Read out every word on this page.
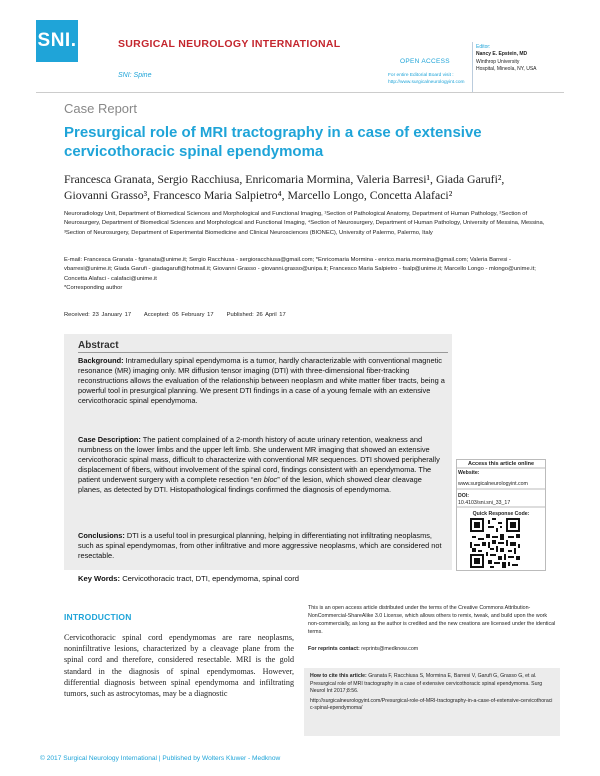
SNI.	SURGICAL NEUROLOGY INTERNATIONAL
SNI: Spine
OPEN ACCESS
For entire Editorial Board visit :
http://www.surgicalneurologyint.com
Editor:
Nancy E. Epstein, MD
Winthrop University
Hospital, Mineola, NY, USA
Case Report
Presurgical role of MRI tractography in a case of extensive cervicothoracic spinal ependymoma
Francesca Granata, Sergio Racchiusa, Enricomaria Mormina, Valeria Barresi¹, Giada Garufi²,
Giovanni Grasso³, Francesco Maria Salpietro⁴, Marcello Longo, Concetta Alafaci²
Neuroradiology Unit, Department of Biomedical Sciences and Morphological and Functional Imaging, ¹Section of Pathological Anatomy, Department of Human Pathology, ²Section of Neurosurgery, Department of Biomedical Sciences and Morphological and Functional Imaging, ⁴Section of Neurosurgery, Department of Human Pathology, University of Messina, Messina, ³Section of Neurosurgery, Department of Experimental Biomedicine and Clinical Neurosciences (BIONEC), University of Palermo, Palermo, Italy
E-mail: Francesca Granata - fgranata@unime.it; Sergio Racchiusa - sergioracchiusa@gmail.com; *Enricomaria Mormina - enrico.maria.mormina@gmail.com; Valeria Barresi - vbarresi@unime.it; Giada Garufi - giadagarufi@hotmail.it; Giovanni Grasso - giovanni.grasso@unipa.it; Francesco Maria Salpietro - fsalp@unime.it; Marcello Longo - mlongo@unime.it; Concetta Alafaci - calafaci@unime.it
*Corresponding author
Received: 23 January 17 Accepted: 05 February 17 Published: 26 April 17
Abstract
Background: Intramedullary spinal ependymoma is a tumor, hardly characterizable with conventional magnetic resonance (MR) imaging only. MR diffusion tensor imaging (DTI) with three-dimensional fiber-tracking reconstructions allows the evaluation of the relationship between neoplasm and white matter fiber tracts, being a powerful tool in presurgical planning. We present DTI findings in a case of a young female with an extensive cervicothoracic spinal ependymoma.
Case Description: The patient complained of a 2-month history of acute urinary retention, weakness and numbness on the lower limbs and the upper left limb. She underwent MR imaging that showed an extensive cervicothoracic spinal mass, difficult to characterize with conventional MR sequences. DTI showed peripherally displacement of fibers, without involvement of the spinal cord, findings consistent with an ependymoma. The patient underwent surgery with a complete resection “en bloc” of the lesion, which showed clear cleavage planes, as detected by DTI. Histopathological findings confirmed the diagnosis of ependymoma.
Conclusions: DTI is a useful tool in presurgical planning, helping in differentiating not infiltrating neoplasms, such as spinal ependymomas, from other infiltrative and more aggressive neoplasms, which are considered not resectable.
Key Words: Cervicothoracic tract, DTI, ependymoma, spinal cord
Access this article online
Website:
www.surgicalneurologyint.com
DOI:
10.4103/sni.sni_33_17
Quick Response Code:
INTRODUCTION
Cervicothoracic spinal cord ependymomas are rare neoplasms, noninfiltrative lesions, characterized by a cleavage plane from the spinal cord and therefore, considered resectable. MRI is the gold standard in the diagnosis of spinal ependymomas. However, differential diagnosis between spinal ependymoma and infiltrating tumors, such as astrocytomas, may be a diagnostic
This is an open access article distributed under the terms of the Creative Commons Attribution-NonCommercial-ShareAlike 3.0 License, which allows others to remix, tweak, and build upon the work non-commercially, as long as the author is credited and the new creations are licensed under the identical terms.
For reprints contact: reprints@medknow.com
How to cite this article: Granata F, Racchiusa S, Mormina E, Barresi V, Garufi G, Grasso G, et al. Presurgical role of MRI tractography in a case of extensive cervicothoracic spinal ependymoma. Surg Neurol Int 2017;8:56.
http://surgicalneurologyint.com/Presurgical-role-of-MRI-tractography-in-a-case-of-extensive-cervicothoracic-spinal-ependymoma/
© 2017 Surgical Neurology International | Published by Wolters Kluwer - Medknow
